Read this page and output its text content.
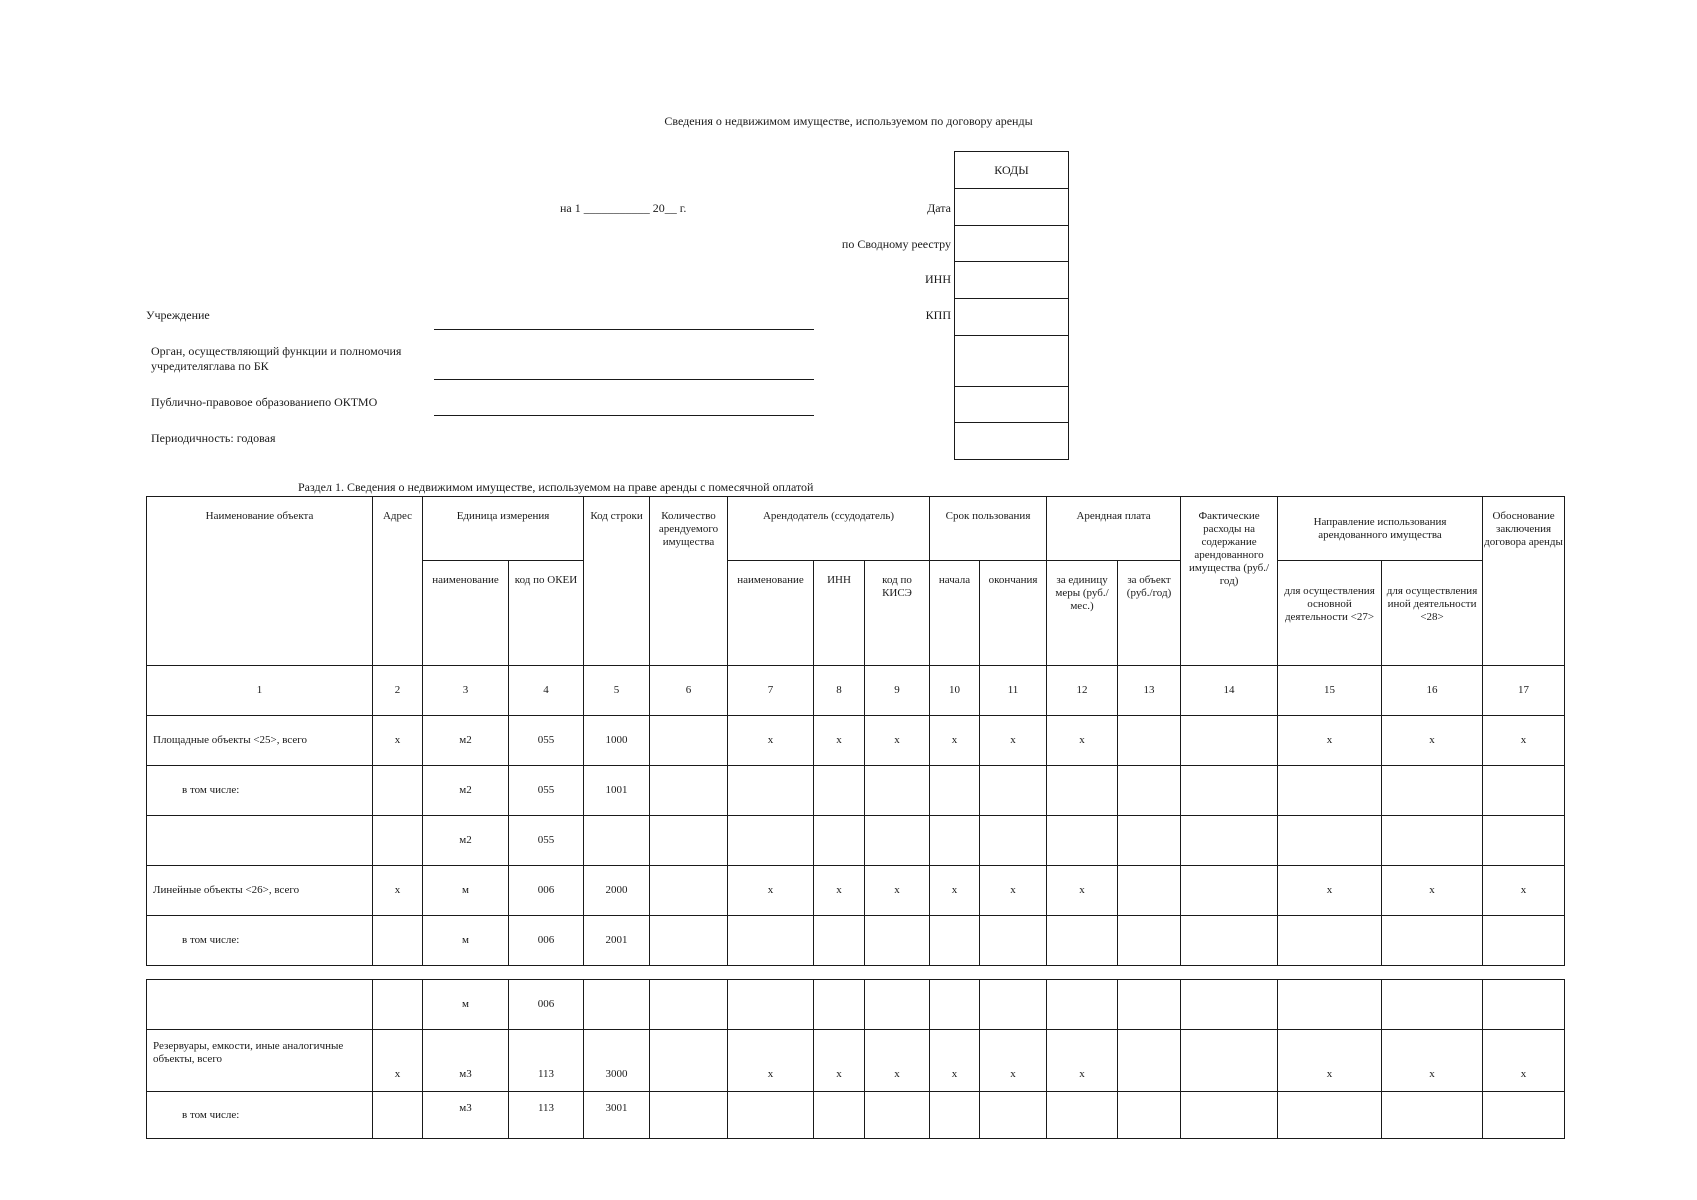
Сведения о недвижимом имуществе, используемом по договору аренды
на 1 ___________ 20__ г.
КОДЫ

Дата
по Сводному реестру
ИНН
КПП
Учреждение
Орган, осуществляющий функции и полномочия учредителяглава по БК
Публично-правовое образованиепо ОКТМО
Периодичность: годовая
Раздел 1. Сведения о недвижимом имуществе, используемом на праве аренды с помесячной оплатой
Наименование объекта	Адрес	Единица измерения		Код строки	Количество арендуемого имущества	Арендодатель (ссудодатель)			Срок пользования		Арендная плата		Фактические расходы на содержание арендованного имущества (руб./год)	Направление использования арендованного имущества		Обоснование заключения договора аренды
		наименование	код по ОКЕИ			наименование	ИНН	код по КИСЭ	начала	окончания	за единицу меры (руб./мес.)	за объект (руб./год)		для осуществления основной деятельности <27>	для осуществления иной деятельности <28>	
1	2	3	4	5	6	7	8	9	10	11	12	13	14	15	16	17
Площадные объекты <25>, всего	x	м2	055	1000		x	x	x	x	x	x			x	x	x
в том числе:		м2	055	1001												
		м2	055													
Линейные объекты <26>, всего	x	м	006	2000		x	x	x	x	x	x			x	x	x
в том числе:		м	006	2001												

		м	006													
Резервуары, емкости, иные аналогичные объекты, всего	x	м3	113	3000		x	x	x	x	x	x			x	x	x
в том числе:		м3	113	3001												
